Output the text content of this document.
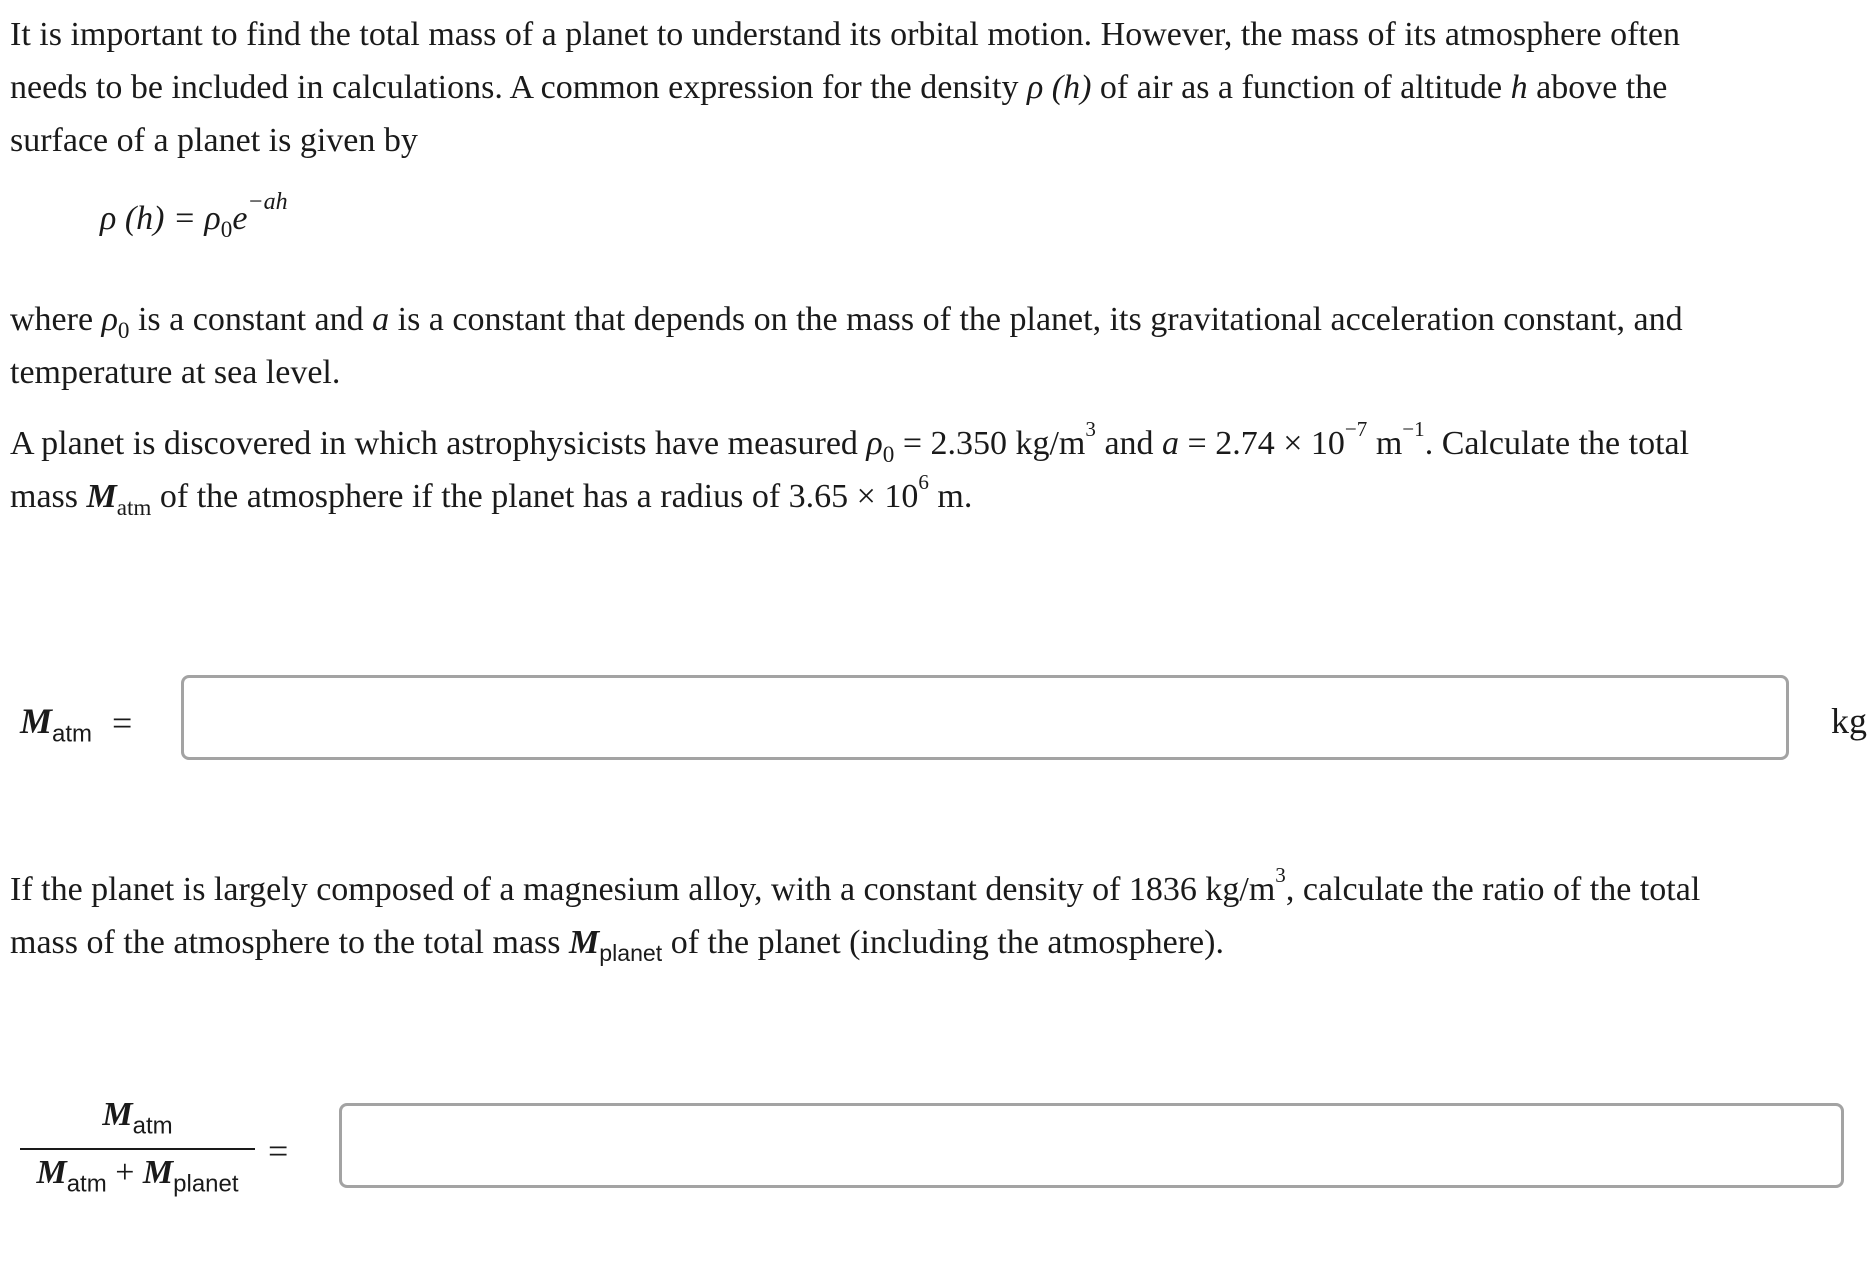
It is important to find the total mass of a planet to understand its orbital motion. However, the mass of its atmosphere often
needs to be included in calculations. A common expression for the density ρ (h) of air as a function of altitude h above the
surface of a planet is given by
ρ $(h) = \rho_0e^{-ah}$
where $\rho_0$ is a constant and a is a constant that depends on the mass of the planet, its gravitational acceleration constant, and
temperature at sea level.
A planet is discovered in which astrophysicists have measured $\rho_0 = 2.350$ $kg/m^3$ and $a = 2.74 \times 10^{-7}$ $m^{-1}$. Calculate the total
mass $M_{atm}$ of the atmosphere if the planet has a radius of $3.65 \times 10^6$ m.
$M_{atm}$ =	kg
If the planet is largely composed of a magnesium alloy, with a constant density of 1836 $kg/m^3$, calculate the ratio of the total
mass of the atmosphere to the total mass $M_{planet}$ of the planet (including the atmosphere).
$M_{atm}$
$M_{atm} + M_{planet}$
=
